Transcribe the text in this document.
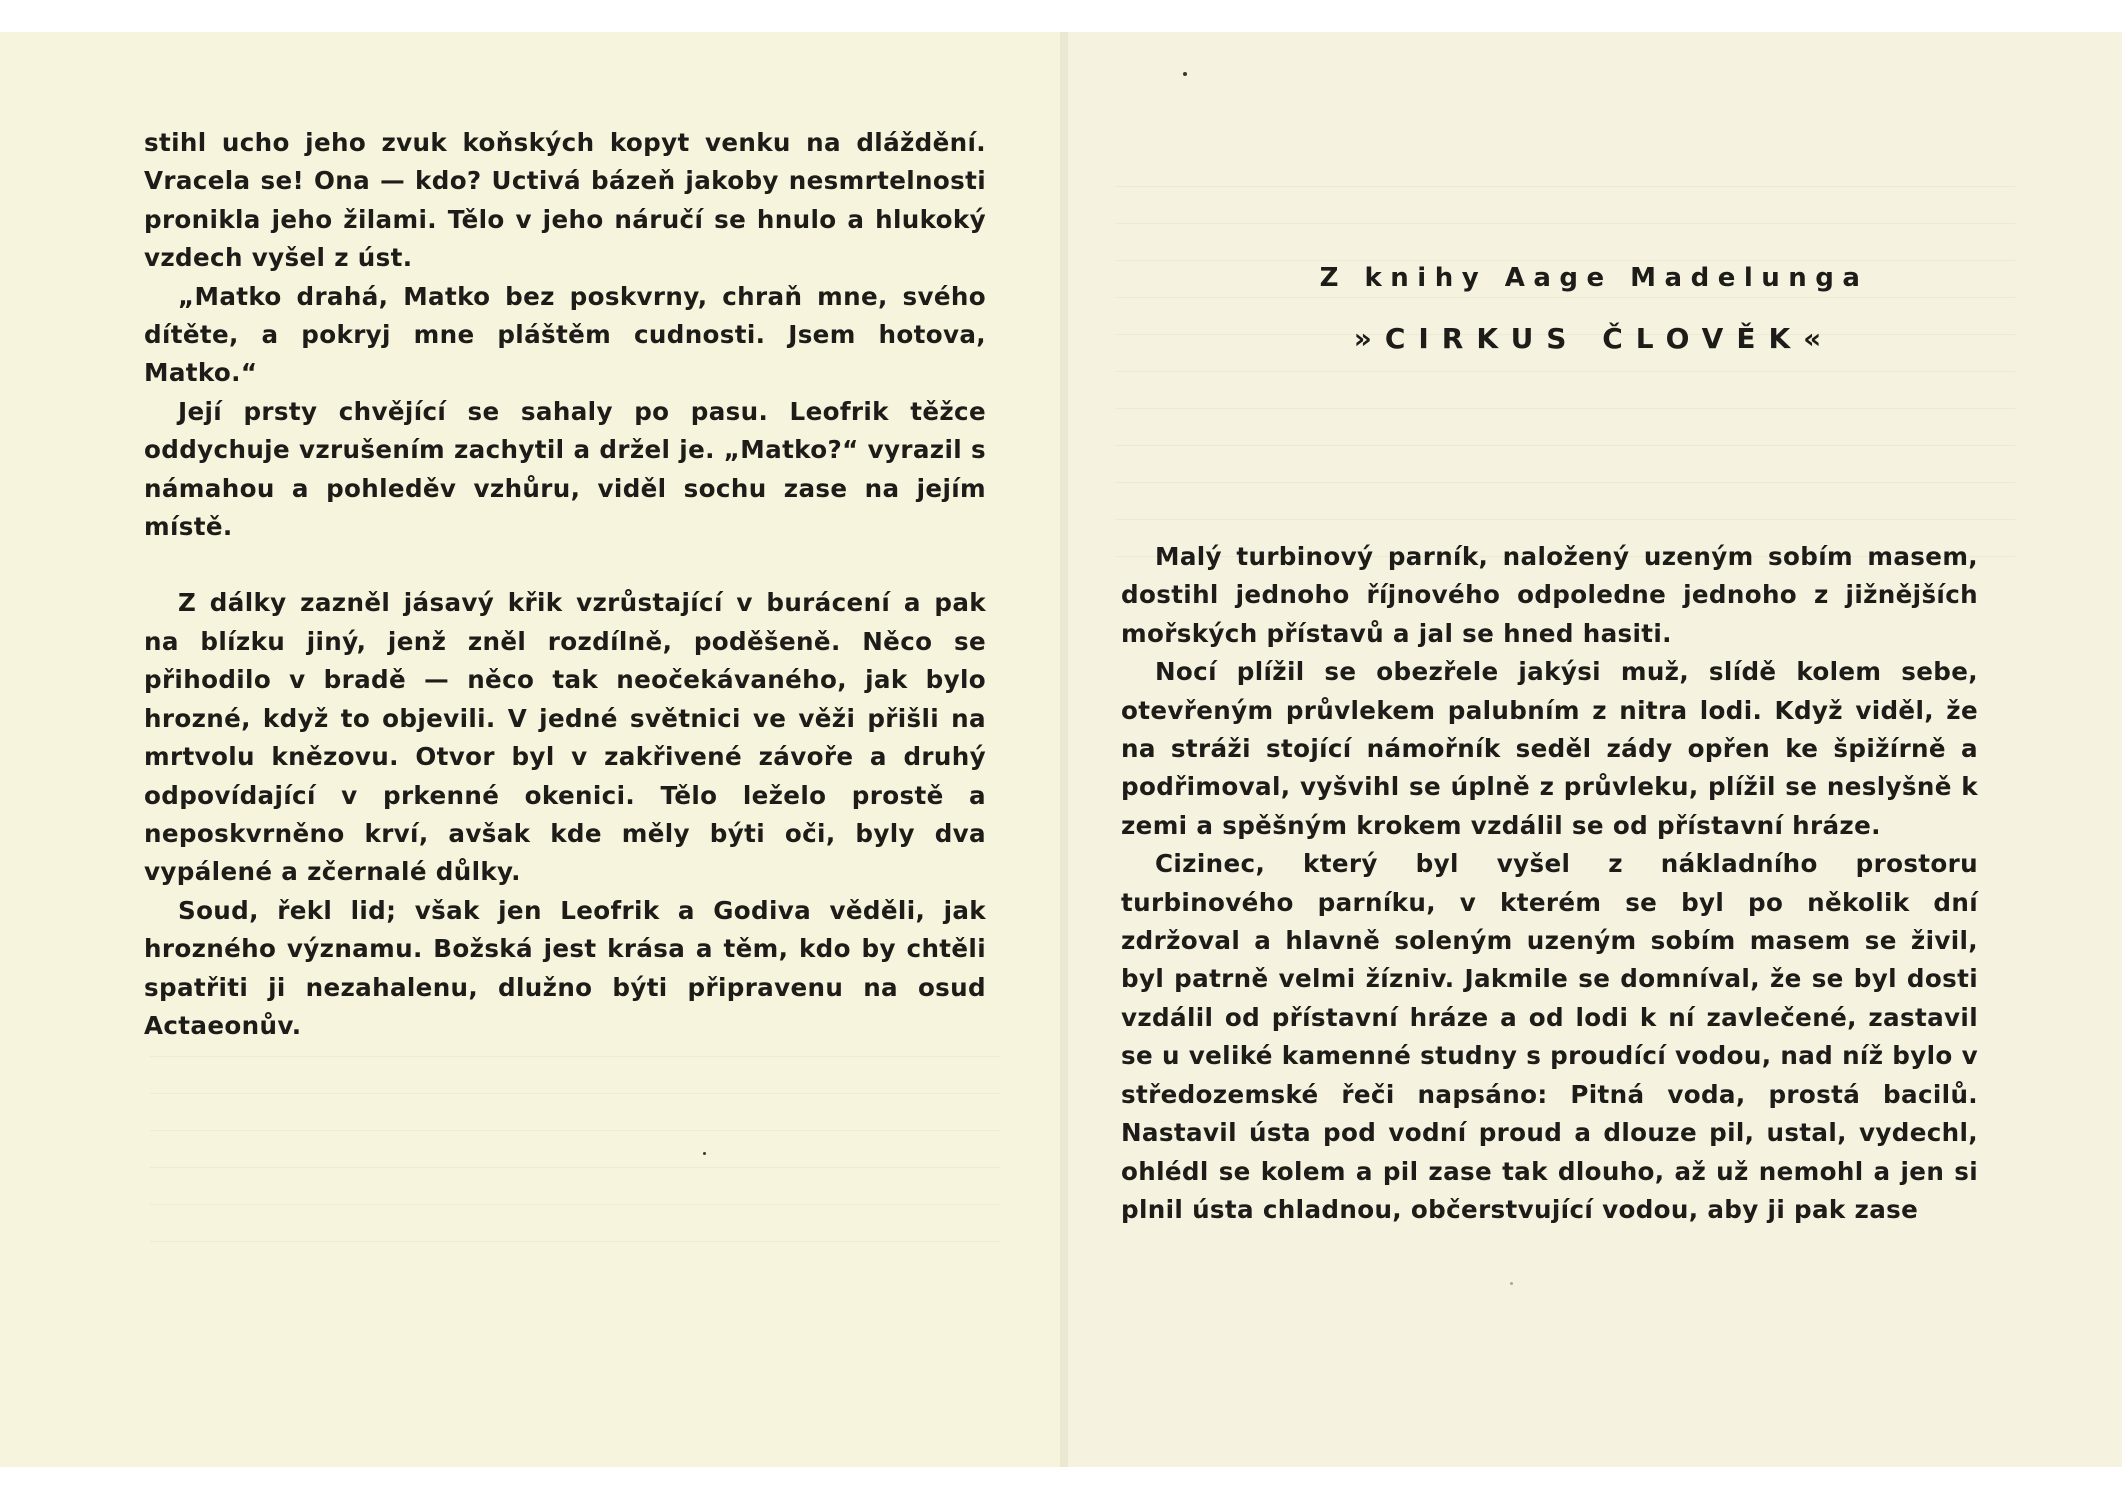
stihl ucho jeho zvuk koňských kopyt venku na dláždění. Vracela se! Ona — kdo? Uctivá bázeň jakoby nesmrtelnosti pronikla jeho žilami. Tělo v jeho náručí se hnulo a hlukoký vzdech vyšel z úst.

„Matko drahá, Matko bez poskvrny, chraň mne, svého dítěte, a pokryj mne pláštěm cudnosti. Jsem hotova, Matko.“

Její prsty chvějící se sahaly po pasu. Leofrik těžce oddychuje vzrušením zachytil a držel je. „Matko?“ vyrazil s námahou a pohleděv vzhůru, viděl sochu zase na jejím místě.

Z dálky zazněl jásavý křik vzrůstající v burácení a pak na blízku jiný, jenž zněl rozdílně, poděšeně. Něco se přihodilo v bradě — něco tak neočekávaného, jak bylo hrozné, když to objevili. V jedné světnici ve věži přišli na mrtvolu knězovu. Otvor byl v zakřivené závoře a druhý odpovídající v prkenné okenici. Tělo leželo prostě a neposkvrněno krví, avšak kde měly býti oči, byly dva vypálené a zčernalé důlky.

Soud, řekl lid; však jen Leofrik a Godiva věděli, jak hrozného významu. Božská jest krása a těm, kdo by chtěli spatřiti ji nezahalenu, dlužno býti připravenu na osud Actaeonův.

Z knihy Aage Madelunga
»CIRKUS ČLOVĚK«

Malý turbinový parník, naložený uzeným sobím masem, dostihl jednoho říjnového odpoledne jednoho z jižnějších mořských přístavů a jal se hned hasiti.

Nocí plížil se obezřele jakýsi muž, slídě kolem sebe, otevřeným průvlekem palubním z nitra lodi. Když viděl, že na stráži stojící námořník seděl zády opřen ke špižírně a podřimoval, vyšvihl se úplně z průvleku, plížil se neslyšně k zemi a spěšným krokem vzdálil se od přístavní hráze.

Cizinec, který byl vyšel z nákladního prostoru turbinového parníku, v kterém se byl po několik dní zdržoval a hlavně soleným uzeným sobím masem se živil, byl patrně velmi žízniv. Jakmile se domníval, že se byl dosti vzdálil od přístavní hráze a od lodi k ní zavlečené, zastavil se u veliké kamenné studny s proudící vodou, nad níž bylo v středozemské řeči napsáno: Pitná voda, prostá bacilů. Nastavil ústa pod vodní proud a dlouze pil, ustal, vydechl, ohlédl se kolem a pil zase tak dlouho, až už nemohl a jen si plnil ústa chladnou, občerstvující vodou, aby ji pak zase
